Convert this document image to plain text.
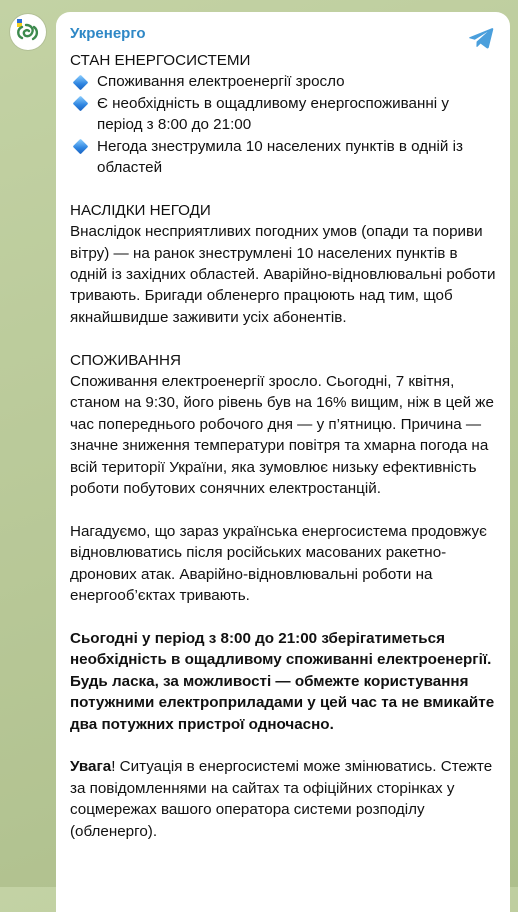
Укренерго

СТАН ЕНЕРГОСИСТЕМИ

Споживання електроенергії зросло
Є необхідність в ощадливому енергоспоживанні у період з 8:00 до 21:00
Негода знеструмила 10 населених пунктів в одній із областей

НАСЛІДКИ НЕГОДИ

Внаслідок несприятливих погодних умов (опади та пориви вітру) — на ранок знеструмлені 10 населених пунктів в одній із західних областей. Аварійно-відновлювальні роботи тривають. Бригади обленерго працюють над тим, щоб якнайшвидше заживити усіх абонентів.

СПОЖИВАННЯ

Споживання електроенергії зросло. Сьогодні, 7 квітня, станом на 9:30, його рівень був на 16% вищим, ніж в цей же час попереднього робочого дня — у п’ятницю. Причина — значне зниження температури повітря та хмарна погода на всій території України, яка зумовлює низьку ефективність роботи побутових сонячних електростанцій.

Нагадуємо, що зараз українська енергосистема продовжує відновлюватись після російських масованих ракетно-дронових атак. Аварійно-відновлювальні роботи на енергооб’єктах тривають.

Сьогодні у період з 8:00 до 21:00 зберігатиметься необхідність в ощадливому споживанні електроенергії. Будь ласка, за можливості — обмежте користування потужними електроприладами у цей час та не вмикайте два потужних пристрої одночасно.

Увага! Ситуація в енергосистемі може змінюватись. Стежте за повідомленнями на сайтах та офіційних сторінках у соцмережах вашого оператора системи розподілу (обленерго).
